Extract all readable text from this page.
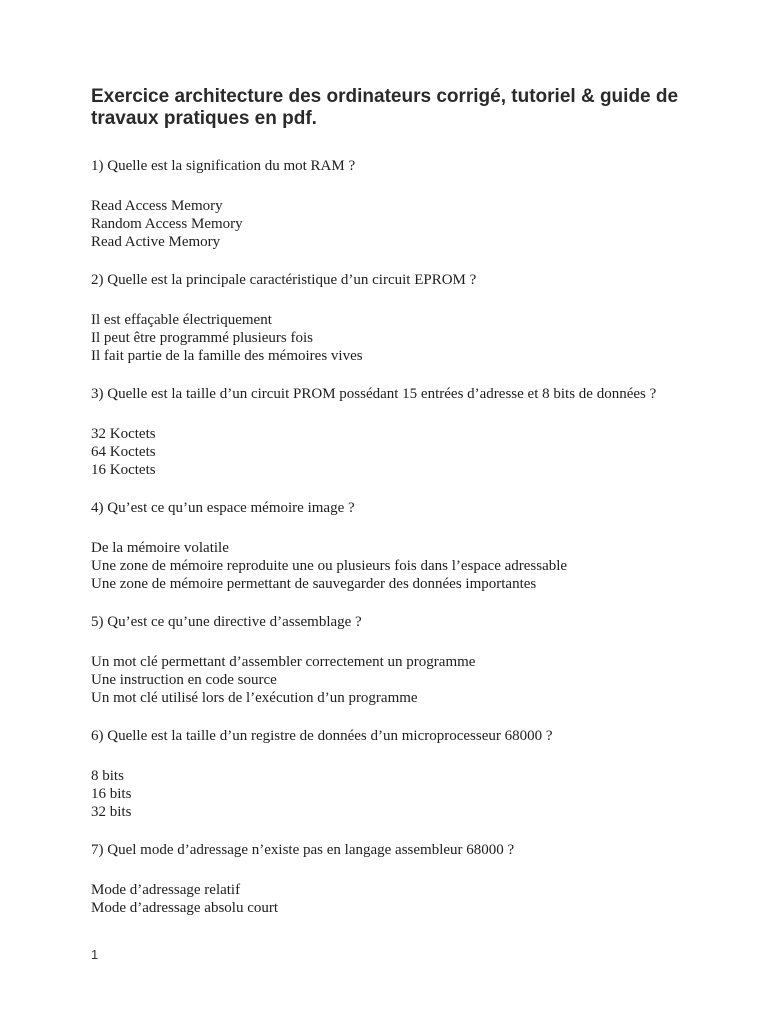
Exercice architecture des ordinateurs corrigé, tutoriel & guide de travaux pratiques en pdf.

1) Quelle est la signification du mot RAM ?

Read Access Memory
Random Access Memory
Read Active Memory

2) Quelle est la principale caractéristique d’un circuit EPROM ?

Il est effaçable électriquement
Il peut être programmé plusieurs fois
Il fait partie de la famille des mémoires vives

3) Quelle est la taille d’un circuit PROM possédant 15 entrées d’adresse et 8 bits de données ?

32 Koctets
64 Koctets
16 Koctets

4) Qu’est ce qu’un espace mémoire image ?

De la mémoire volatile
Une zone de mémoire reproduite une ou plusieurs fois dans l’espace adressable
Une zone de mémoire permettant de sauvegarder des données importantes

5) Qu’est ce qu’une directive d’assemblage ?

Un mot clé permettant d’assembler correctement un programme
Une instruction en code source
Un mot clé utilisé lors de l’exécution d’un programme

6) Quelle est la taille d’un registre de données d’un microprocesseur 68000 ?

8 bits
16 bits
32 bits

7) Quel mode d’adressage n’existe pas en langage assembleur 68000 ?

Mode d’adressage relatif
Mode d’adressage absolu court
1
